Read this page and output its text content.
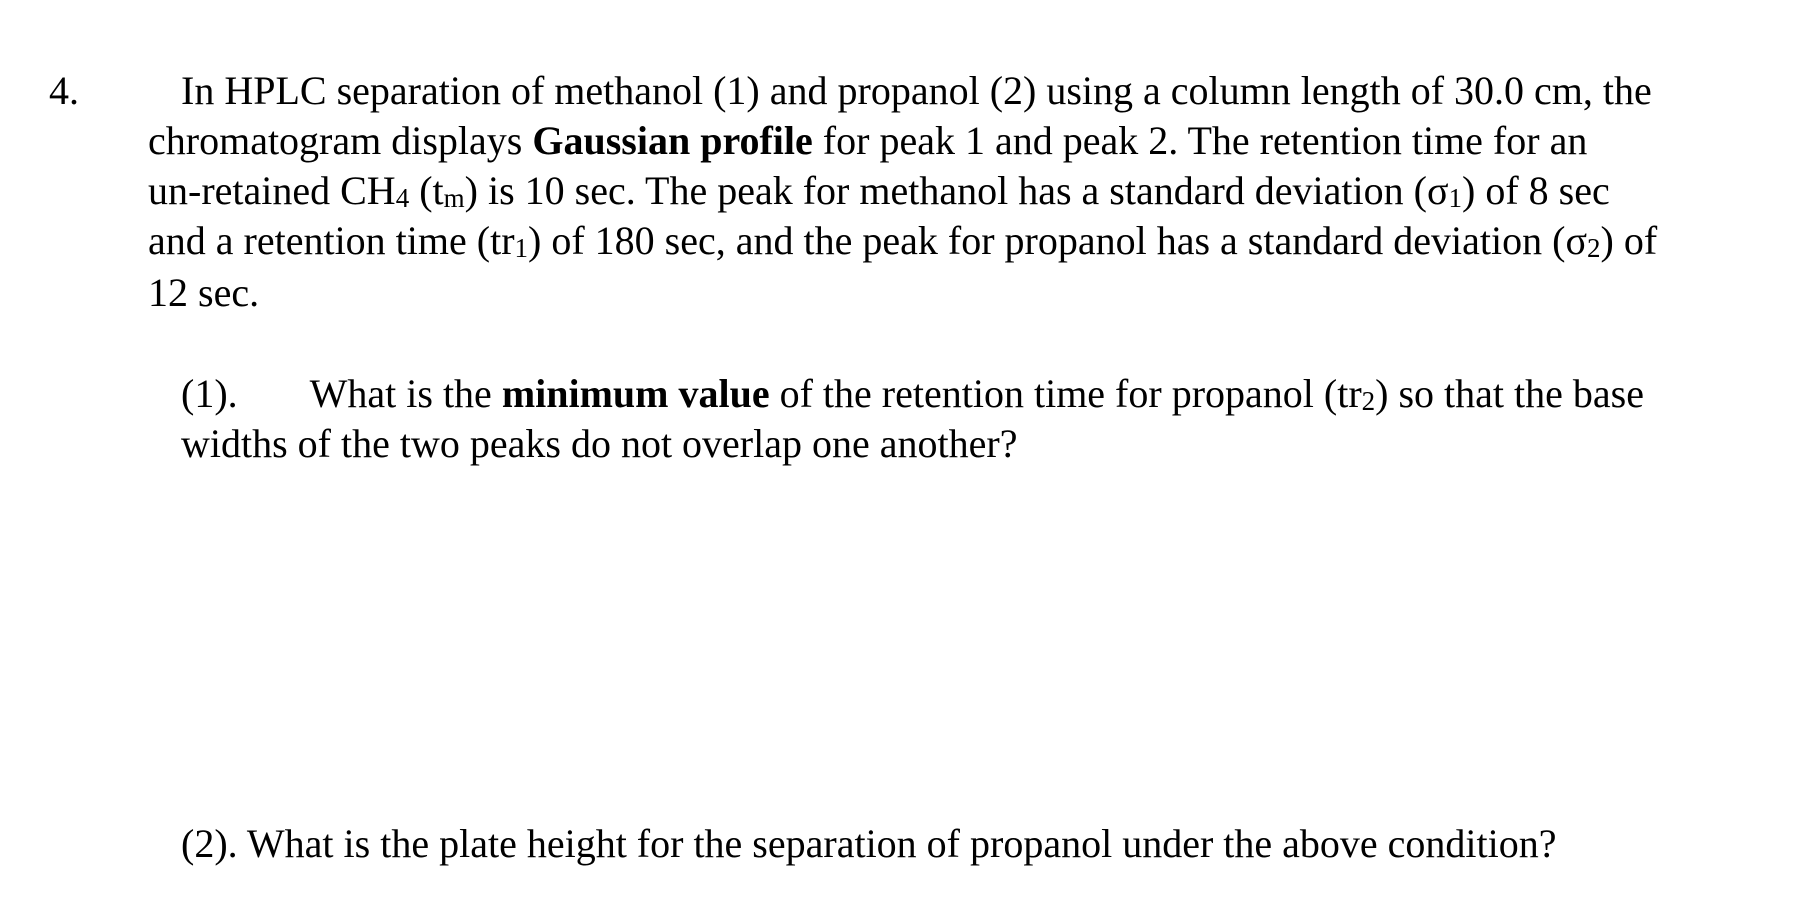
4.	In HPLC separation of methanol (1) and propanol (2) using a column length of 30.0 cm, the
chromatogram displays Gaussian profile for peak 1 and peak 2. The retention time for an
un-retained CH4 (tm) is 10 sec. The peak for methanol has a standard deviation (σ1) of 8 sec
and a retention time (tr1) of 180 sec, and the peak for propanol has a standard deviation (σ2) of
12 sec.
(1). What is the minimum value of the retention time for propanol (tr2) so that the base
widths of the two peaks do not overlap one another?
(2). What is the plate height for the separation of propanol under the above condition?
